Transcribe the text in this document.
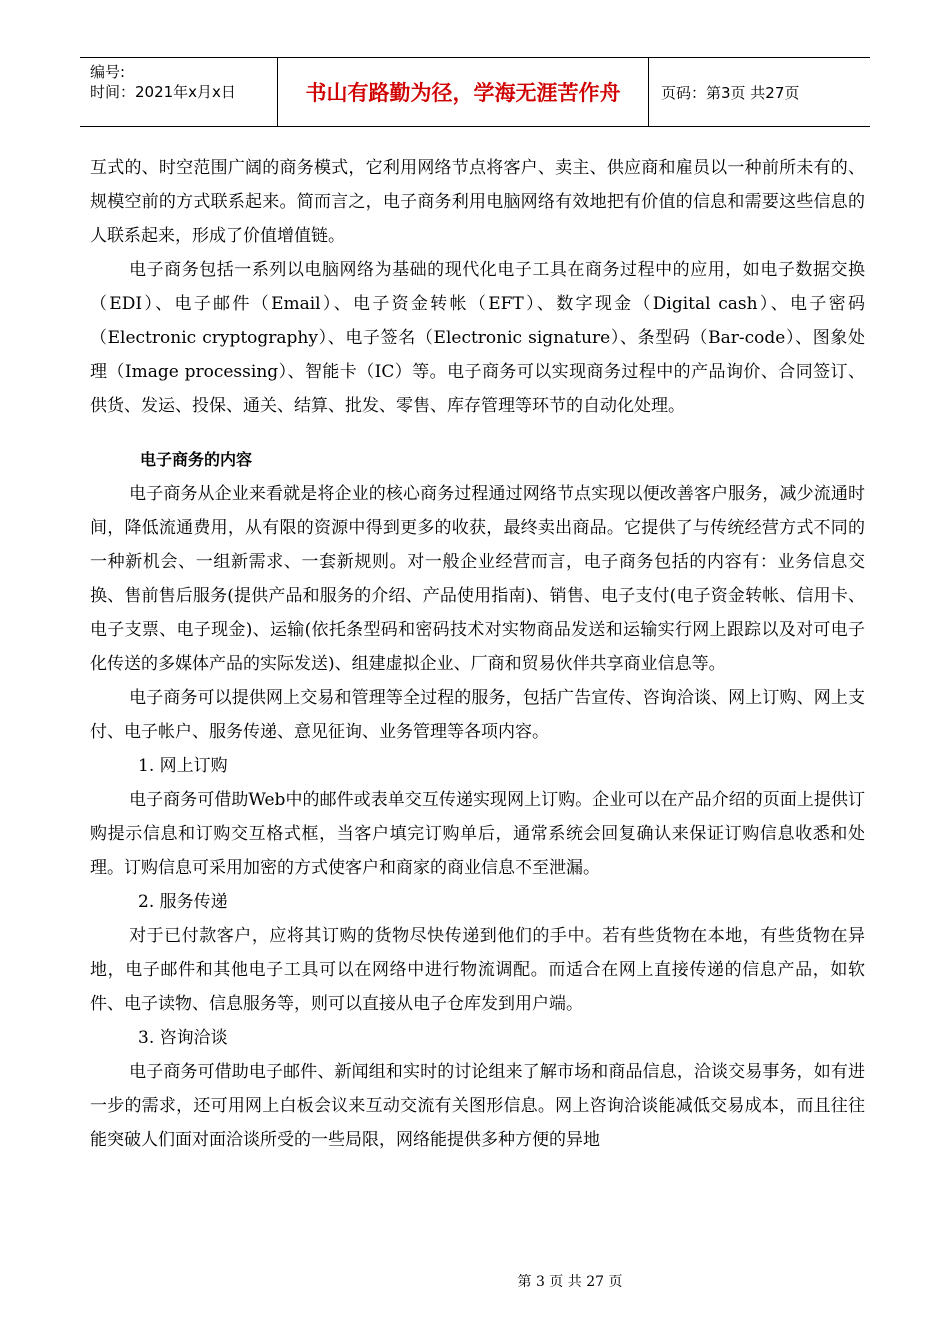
编号:
时间：2021年x月x日	书山有路勤为径，学海无涯苦作舟	页码：第3页 共27页

互式的、时空范围广阔的商务模式，它利用网络节点将客户、卖主、供应商和雇员以一种前所未有的、规模空前的方式联系起来。简而言之，电子商务利用电脑网络有效地把有价值的信息和需要这些信息的人联系起来，形成了价值增值链。

电子商务包括一系列以电脑网络为基础的现代化电子工具在商务过程中的应用，如电子数据交换（EDI）、电子邮件（Email）、电子资金转帐（EFT）、数字现金（Digital cash）、电子密码（Electronic cryptography）、电子签名（Electronic signature）、条型码（Bar-code）、图象处理（Image processing）、智能卡（IC）等。电子商务可以实现商务过程中的产品询价、合同签订、供货、发运、投保、通关、结算、批发、零售、库存管理等环节的自动化处理。

电子商务的内容

电子商务从企业来看就是将企业的核心商务过程通过网络节点实现以便改善客户服务，减少流通时间，降低流通费用，从有限的资源中得到更多的收获，最终卖出商品。它提供了与传统经营方式不同的一种新机会、一组新需求、一套新规则。对一般企业经营而言，电子商务包括的内容有：业务信息交换、售前售后服务(提供产品和服务的介绍、产品使用指南)、销售、电子支付(电子资金转帐、信用卡、电子支票、电子现金)、运输(依托条型码和密码技术对实物商品发送和运输实行网上跟踪以及对可电子化传送的多媒体产品的实际发送)、组建虚拟企业、厂商和贸易伙伴共享商业信息等。

电子商务可以提供网上交易和管理等全过程的服务，包括广告宣传、咨询洽谈、网上订购、网上支付、电子帐户、服务传递、意见征询、业务管理等各项内容。

1. 网上订购

电子商务可借助Web中的邮件或表单交互传递实现网上订购。企业可以在产品介绍的页面上提供订购提示信息和订购交互格式框，当客户填完订购单后，通常系统会回复确认来保证订购信息收悉和处理。订购信息可采用加密的方式使客户和商家的商业信息不至泄漏。

2. 服务传递

对于已付款客户，应将其订购的货物尽快传递到他们的手中。若有些货物在本地，有些货物在异地，电子邮件和其他电子工具可以在网络中进行物流调配。而适合在网上直接传递的信息产品，如软件、电子读物、信息服务等，则可以直接从电子仓库发到用户端。

3. 咨询洽谈

电子商务可借助电子邮件、新闻组和实时的讨论组来了解市场和商品信息，洽谈交易事务，如有进一步的需求，还可用网上白板会议来互动交流有关图形信息。网上咨询洽谈能减低交易成本，而且往往能突破人们面对面洽谈所受的一些局限，网络能提供多种方便的异地

第 3 页 共 27 页
